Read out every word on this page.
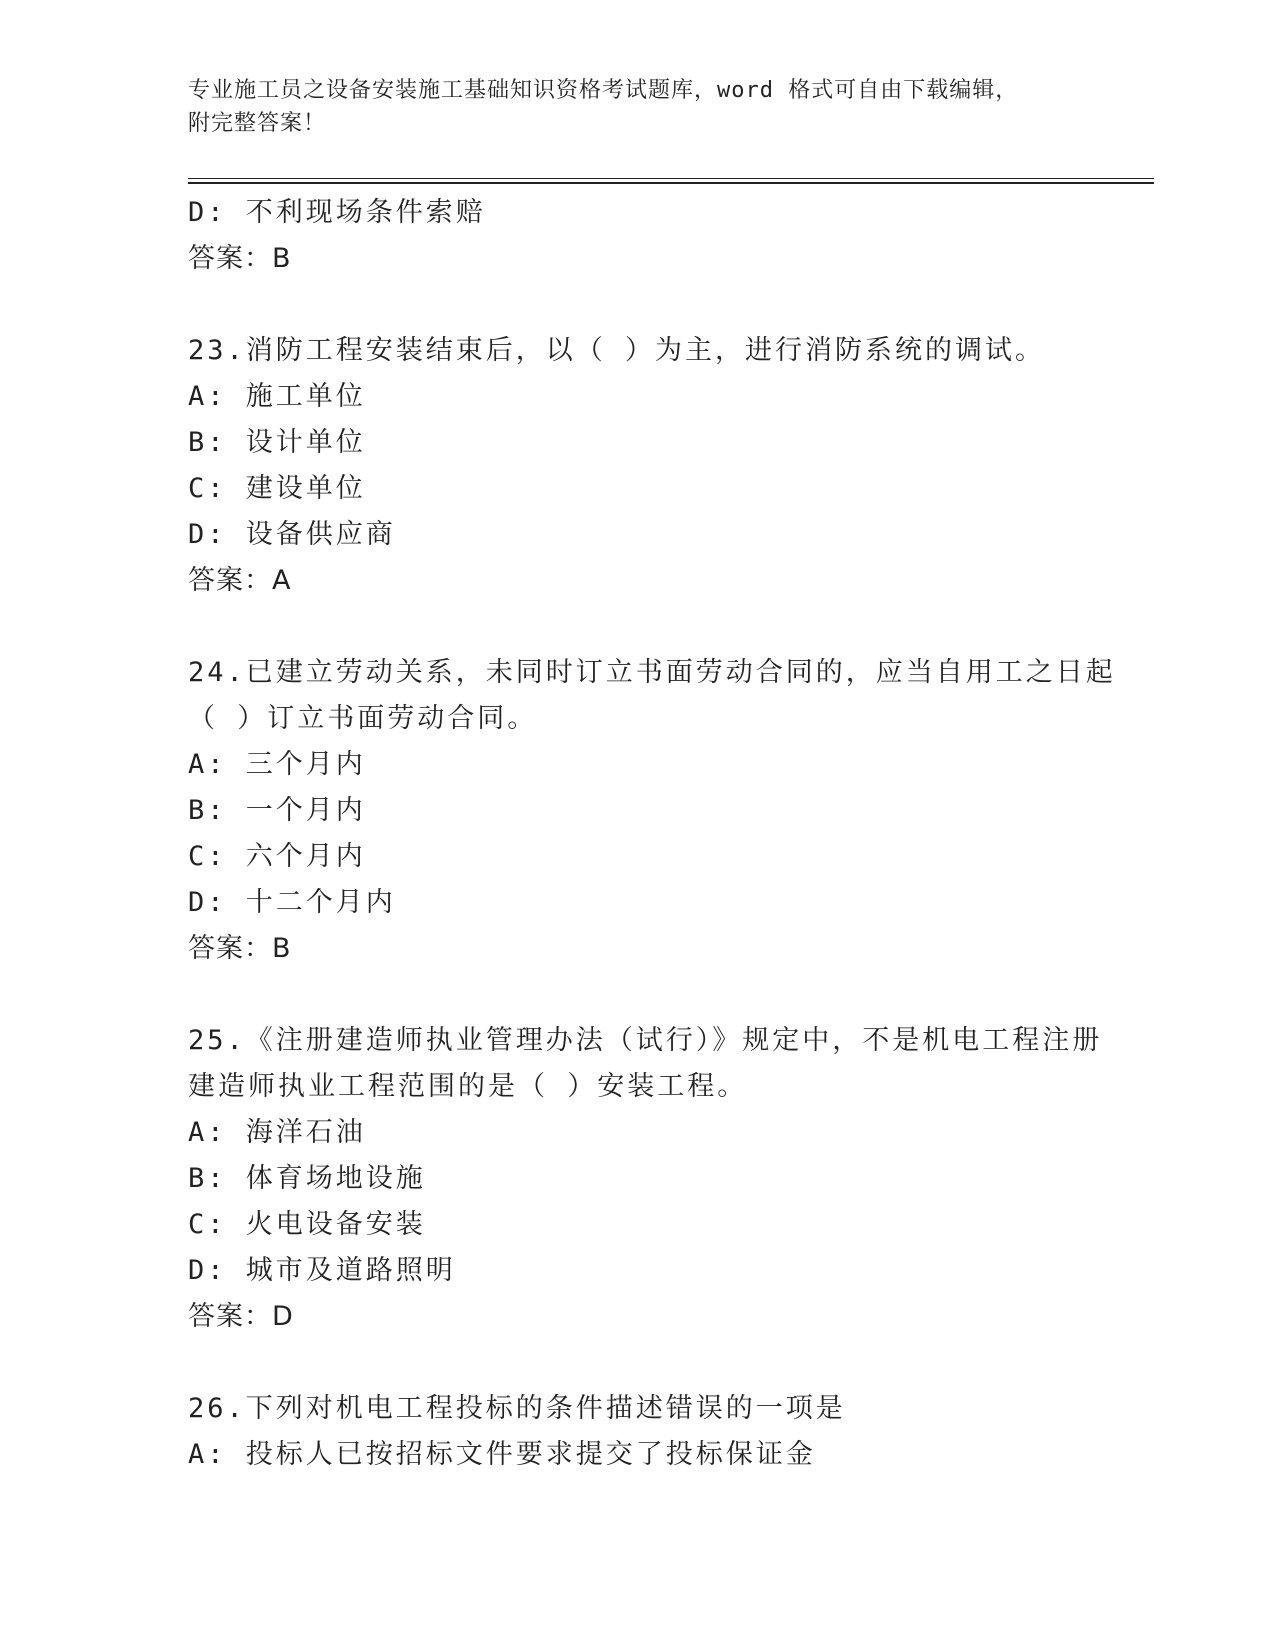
专业施工员之设备安装施工基础知识资格考试题库，word 格式可自由下载编辑，
附完整答案！
D: 不利现场条件索赔
答案：B
23.消防工程安装结束后，以（ ）为主，进行消防系统的调试。
A: 施工单位
B: 设计单位
C: 建设单位
D: 设备供应商
答案：A
24.已建立劳动关系，未同时订立书面劳动合同的，应当自用工之日起
（ ）订立书面劳动合同。
A: 三个月内
B: 一个月内
C: 六个月内
D: 十二个月内
答案：B
25.《注册建造师执业管理办法（试行）》规定中，不是机电工程注册
建造师执业工程范围的是（ ）安装工程。
A: 海洋石油
B: 体育场地设施
C: 火电设备安装
D: 城市及道路照明
答案：D
26.下列对机电工程投标的条件描述错误的一项是
A: 投标人已按招标文件要求提交了投标保证金
